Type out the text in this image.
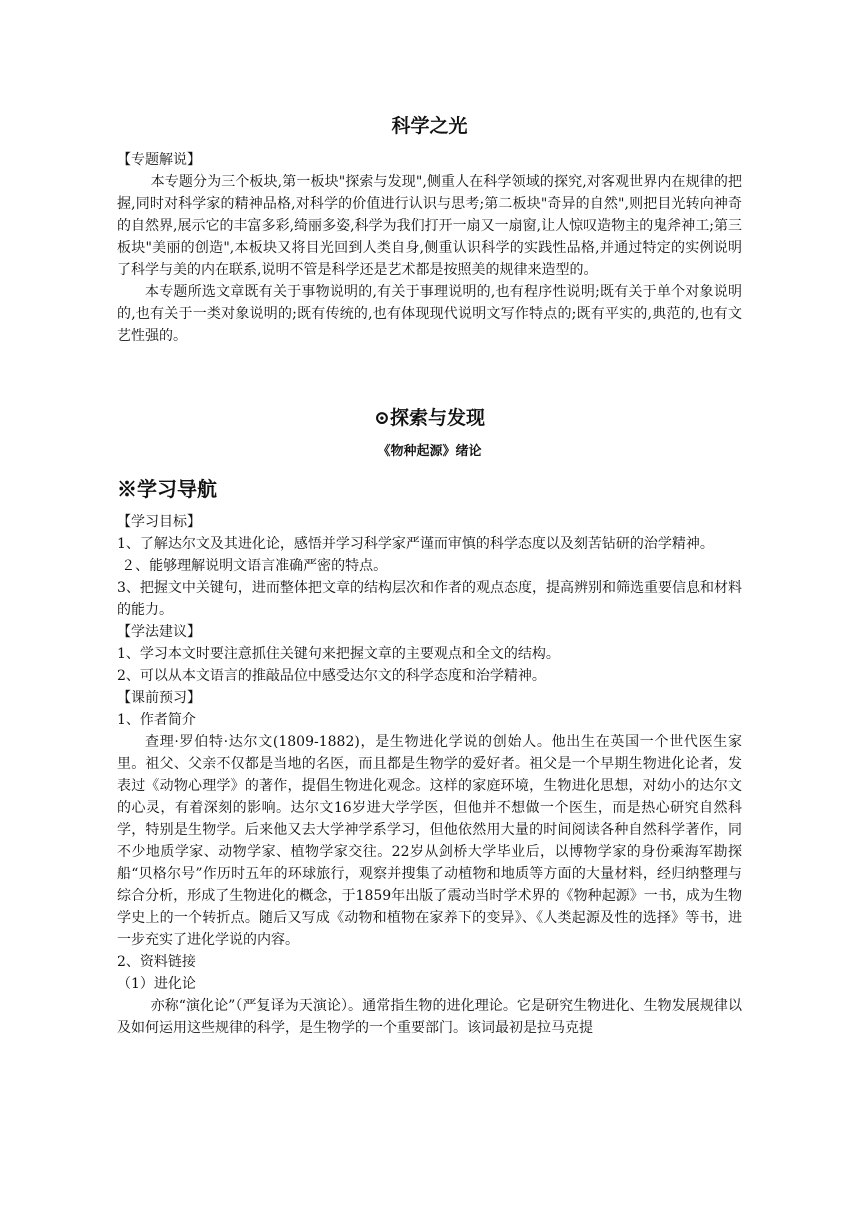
科学之光

【专题解说】

本专题分为三个板块,第一板块"探索与发现",侧重人在科学领域的探究,对客观世界内在规律的把握,同时对科学家的精神品格,对科学的价值进行认识与思考;第二板块"奇异的自然",则把目光转向神奇的自然界,展示它的丰富多彩,绮丽多姿,科学为我们打开一扇又一扇窗,让人惊叹造物主的鬼斧神工;第三板块"美丽的创造",本板块又将目光回到人类自身,侧重认识科学的实践性品格,并通过特定的实例说明了科学与美的内在联系,说明不管是科学还是艺术都是按照美的规律来造型的。

本专题所选文章既有关于事物说明的,有关于事理说明的,也有程序性说明;既有关于单个对象说明的,也有关于一类对象说明的;既有传统的,也有体现现代说明文写作特点的;既有平实的,典范的,也有文艺性强的。

⊙探索与发现
《物种起源》绪论
※学习导航

【学习目标】

1、了解达尔文及其进化论，感悟并学习科学家严谨而审慎的科学态度以及刻苦钻研的治学精神。

２、能够理解说明文语言准确严密的特点。

3、把握文中关键句，进而整体把文章的结构层次和作者的观点态度，提高辨别和筛选重要信息和材料的能力。

【学法建议】

1、学习本文时要注意抓住关键句来把握文章的主要观点和全文的结构。

2、可以从本文语言的推敲品位中感受达尔文的科学态度和治学精神。

【课前预习】

1、作者简介

查理·罗伯特·达尔文(1809-1882)，是生物进化学说的创始人。他出生在英国一个世代医生家里。祖父、父亲不仅都是当地的名医，而且都是生物学的爱好者。祖父是一个早期生物进化论者，发表过《动物心理学》的著作，提倡生物进化观念。这样的家庭环境，生物进化思想，对幼小的达尔文的心灵，有着深刻的影响。达尔文16岁进大学学医，但他并不想做一个医生，而是热心研究自然科学，特别是生物学。后来他又去大学神学系学习，但他依然用大量的时间阅读各种自然科学著作，同不少地质学家、动物学家、植物学家交往。22岁从剑桥大学毕业后，以博物学家的身份乘海军勘探船“贝格尔号”作历时五年的环球旅行，观察并搜集了动植物和地质等方面的大量材料，经归纳整理与综合分析，形成了生物进化的概念，于1859年出版了震动当时学术界的《物种起源》一书，成为生物学史上的一个转折点。随后又写成《动物和植物在家养下的变异》、《人类起源及性的选择》等书，进一步充实了进化学说的内容。

2、资料链接

（1）进化论

亦称“演化论”（严复译为天演论）。通常指生物的进化理论。它是研究生物进化、生物发展规律以及如何运用这些规律的科学，是生物学的一个重要部门。该词最初是拉马克提
